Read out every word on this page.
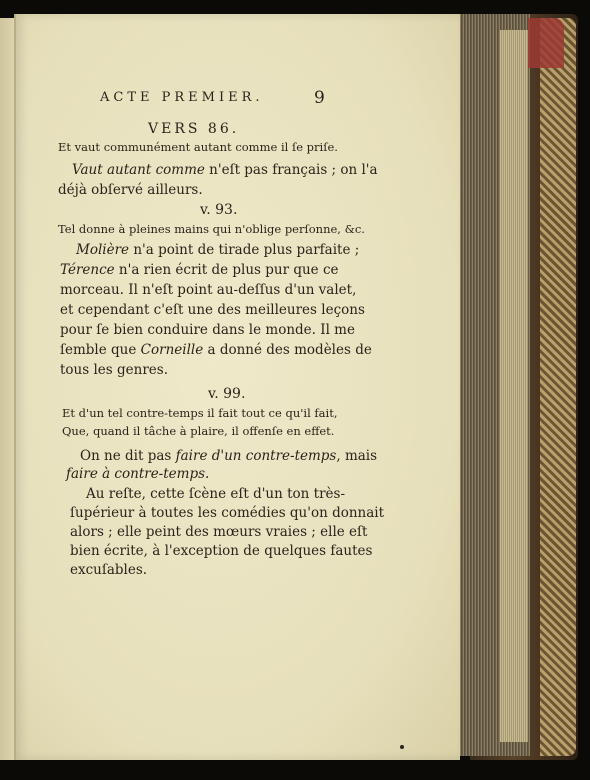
ACTE PREMIER.	9
VERS 86.
Et vaut communément autant comme il ſe priſe.
Vaut autant comme n'eſt pas français ; on l'a
déjà obſervé ailleurs.
v. 93.
Tel donne à pleines mains qui n'oblige perſonne, &c.
Molière n'a point de tirade plus parfaite ;
Térence n'a rien écrit de plus pur que ce
morceau. Il n'eſt point au-deſſus d'un valet,
et cependant c'eſt une des meilleures leçons
pour ſe bien conduire dans le monde. Il me
ſemble que Corneille a donné des modèles de
tous les genres.
v. 99.
Et d'un tel contre-temps il fait tout ce qu'il fait,
Que, quand il tâche à plaire, il offenſe en effet.
On ne dit pas faire d'un contre-temps, mais
faire à contre-temps.
Au reſte, cette ſcène eſt d'un ton très-
ſupérieur à toutes les comédies qu'on donnait
alors ; elle peint des mœurs vraies ; elle eſt
bien écrite, à l'exception de quelques fautes
excuſables.
